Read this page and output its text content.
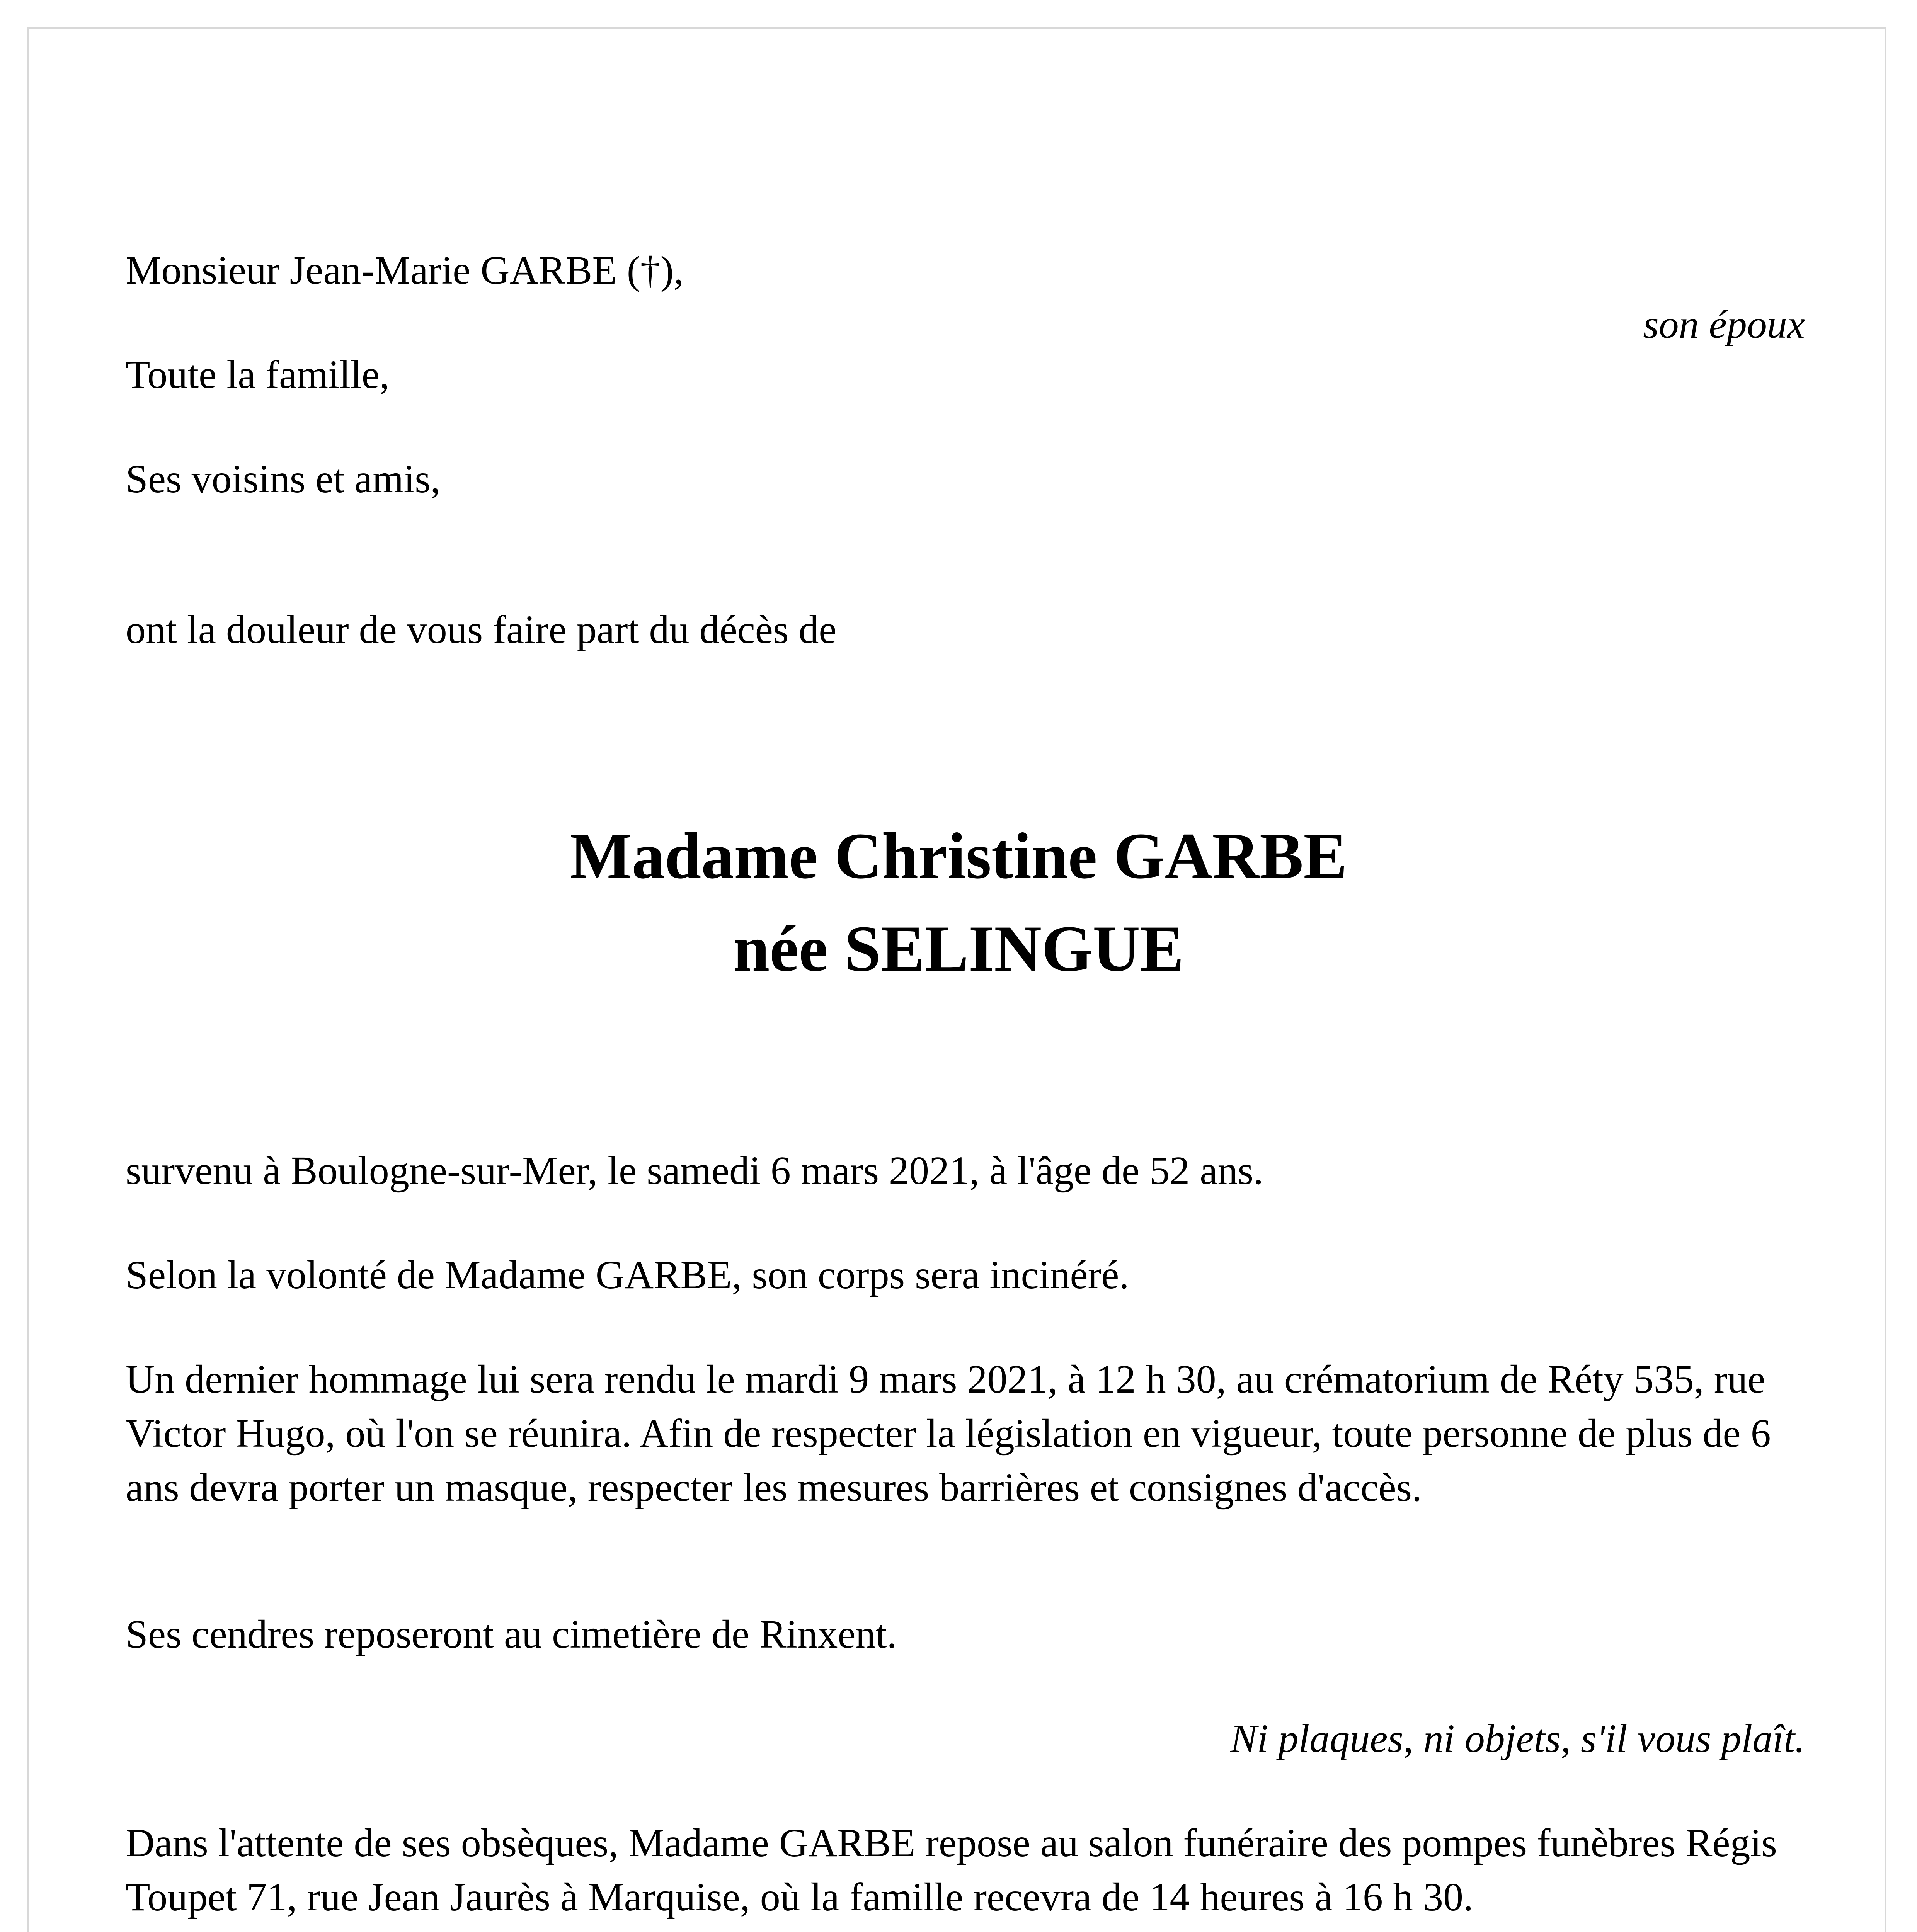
Monsieur Jean-Marie GARBE (†),

son époux

Toute la famille,

Ses voisins et amis,

ont la douleur de vous faire part du décès de

Madame Christine GARBE
née SELINGUE

survenu à Boulogne-sur-Mer, le samedi 6 mars 2021, à l'âge de 52 ans.

Selon la volonté de Madame GARBE, son corps sera incinéré.

Un dernier hommage lui sera rendu le mardi 9 mars 2021, à 12 h 30, au crématorium de Réty 535, rue Victor Hugo, où l'on se réunira. Afin de respecter la législation en vigueur, toute personne de plus de 6 ans devra porter un masque, respecter les mesures barrières et consignes d'accès.

Ses cendres reposeront au cimetière de Rinxent.

Ni plaques, ni objets, s'il vous plaît.

Dans l'attente de ses obsèques, Madame GARBE repose au salon funéraire des pompes funèbres Régis Toupet 71, rue Jean Jaurès à Marquise, où la famille recevra de 14 heures à 16 h 30.
